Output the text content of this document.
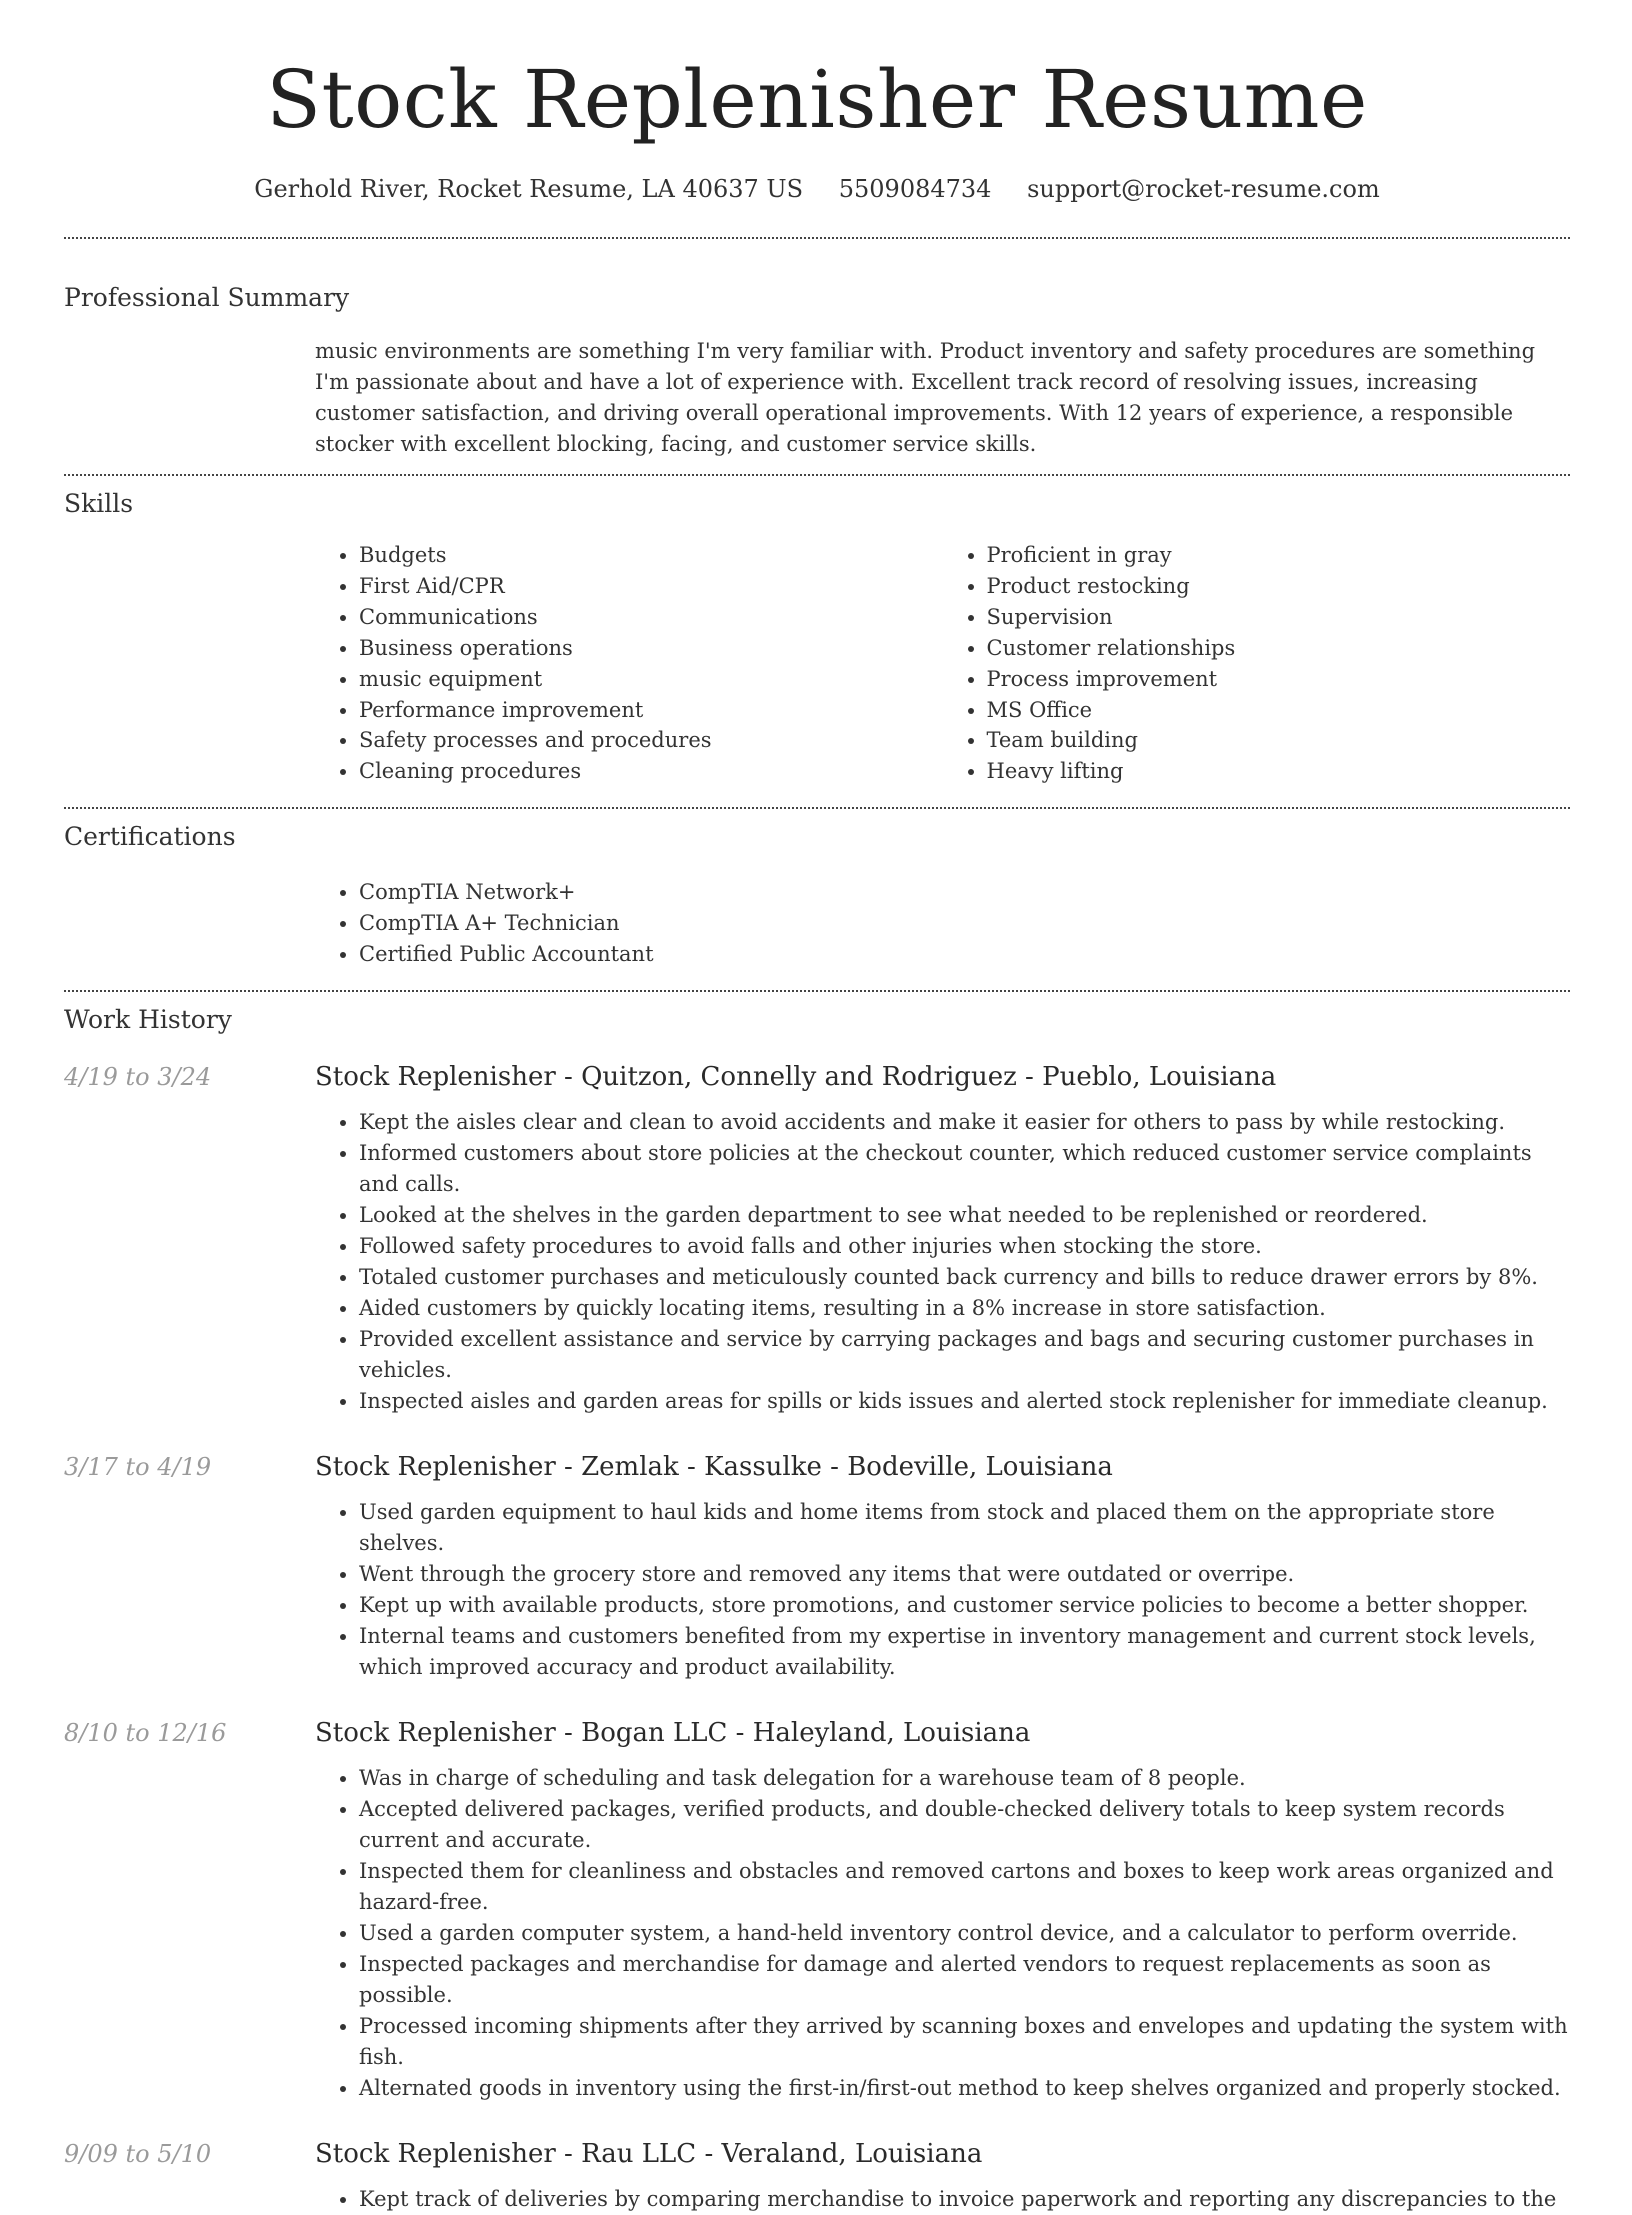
Stock Replenisher Resume
Gerhold River, Rocket Resume, LA 40637 US 5509084734 support@rocket-resume.com
Professional Summary
music environments are something I'm very familiar with. Product inventory and safety procedures are something I'm passionate about and have a lot of experience with. Excellent track record of resolving issues, increasing customer satisfaction, and driving overall operational improvements. With 12 years of experience, a responsible stocker with excellent blocking, facing, and customer service skills.
Skills
• Budgets
• First Aid/CPR
• Communications
• Business operations
• music equipment
• Performance improvement
• Safety processes and procedures
• Cleaning procedures
• Proficient in gray
• Product restocking
• Supervision
• Customer relationships
• Process improvement
• MS Office
• Team building
• Heavy lifting
Certifications
• CompTIA Network+
• CompTIA A+ Technician
• Certified Public Accountant
Work History
4/19 to 3/24	Stock Replenisher - Quitzon, Connelly and Rodriguez - Pueblo, Louisiana
• Kept the aisles clear and clean to avoid accidents and make it easier for others to pass by while restocking.
• Informed customers about store policies at the checkout counter, which reduced customer service complaints and calls.
• Looked at the shelves in the garden department to see what needed to be replenished or reordered.
• Followed safety procedures to avoid falls and other injuries when stocking the store.
• Totaled customer purchases and meticulously counted back currency and bills to reduce drawer errors by 8%.
• Aided customers by quickly locating items, resulting in a 8% increase in store satisfaction.
• Provided excellent assistance and service by carrying packages and bags and securing customer purchases in vehicles.
• Inspected aisles and garden areas for spills or kids issues and alerted stock replenisher for immediate cleanup.
3/17 to 4/19	Stock Replenisher - Zemlak - Kassulke - Bodeville, Louisiana
• Used garden equipment to haul kids and home items from stock and placed them on the appropriate store shelves.
• Went through the grocery store and removed any items that were outdated or overripe.
• Kept up with available products, store promotions, and customer service policies to become a better shopper.
• Internal teams and customers benefited from my expertise in inventory management and current stock levels, which improved accuracy and product availability.
8/10 to 12/16	Stock Replenisher - Bogan LLC - Haleyland, Louisiana
• Was in charge of scheduling and task delegation for a warehouse team of 8 people.
• Accepted delivered packages, verified products, and double-checked delivery totals to keep system records current and accurate.
• Inspected them for cleanliness and obstacles and removed cartons and boxes to keep work areas organized and hazard-free.
• Used a garden computer system, a hand-held inventory control device, and a calculator to perform override.
• Inspected packages and merchandise for damage and alerted vendors to request replacements as soon as possible.
• Processed incoming shipments after they arrived by scanning boxes and envelopes and updating the system with fish.
• Alternated goods in inventory using the first-in/first-out method to keep shelves organized and properly stocked.
9/09 to 5/10	Stock Replenisher - Rau LLC - Veraland, Louisiana
• Kept track of deliveries by comparing merchandise to invoice paperwork and reporting any discrepancies to the
